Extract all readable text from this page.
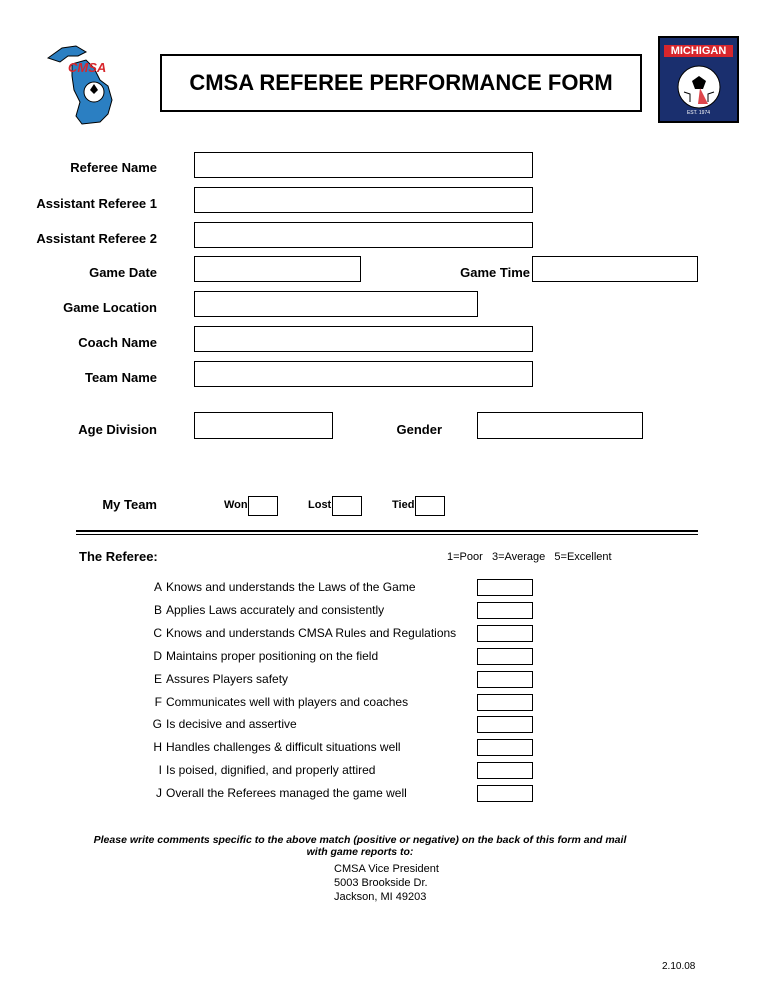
CMSA
CMSA REFEREE PERFORMANCE FORM
MICHIGAN
EST. 1974
Referee Name
Assistant Referee 1
Assistant Referee 2
Game Date	Game Time
Game Location
Coach Name
Team Name
Age Division	Gender
My Team	Won	Lost	Tied
The Referee:	1=Poor   3=Average   5=Excellent
A Knows and understands the Laws of the Game
B Applies Laws accurately and consistently
C Knows and understands CMSA Rules and Regulations
D Maintains proper positioning on the field
E Assures Players safety
F Communicates well with players and coaches
G Is decisive and assertive
H Handles challenges & difficult situations well
I Is poised, dignified, and properly attired
J Overall the Referees managed the game well
Please write comments specific to the above match (positive or negative) on the back of this form and mail
with game reports to:
CMSA Vice President
5003 Brookside Dr.
Jackson, MI 49203
2.10.08
